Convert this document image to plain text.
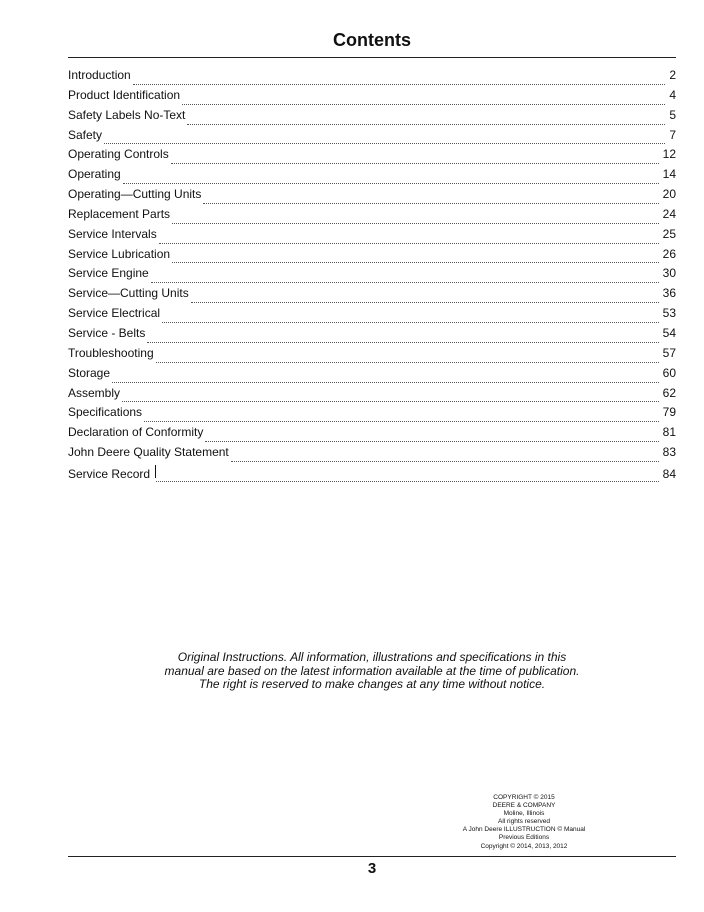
Contents
Introduction	2
Product Identification	4
Safety Labels No-Text	5
Safety	7
Operating Controls	12
Operating	14
Operating—Cutting Units	20
Replacement Parts	24
Service Intervals	25
Service Lubrication	26
Service Engine	30
Service—Cutting Units	36
Service Electrical	53
Service - Belts	54
Troubleshooting	57
Storage	60
Assembly	62
Specifications	79
Declaration of Conformity	81
John Deere Quality Statement	83
Service Record	84
Original Instructions. All information, illustrations and specifications in this
manual are based on the latest information available at the time of publication.
The right is reserved to make changes at any time without notice.
COPYRIGHT © 2015
DEERE & COMPANY
Moline, Illinois
All rights reserved
A John Deere ILLUSTRUCTION © Manual
Previous Editions
Copyright © 2014, 2013, 2012
3
